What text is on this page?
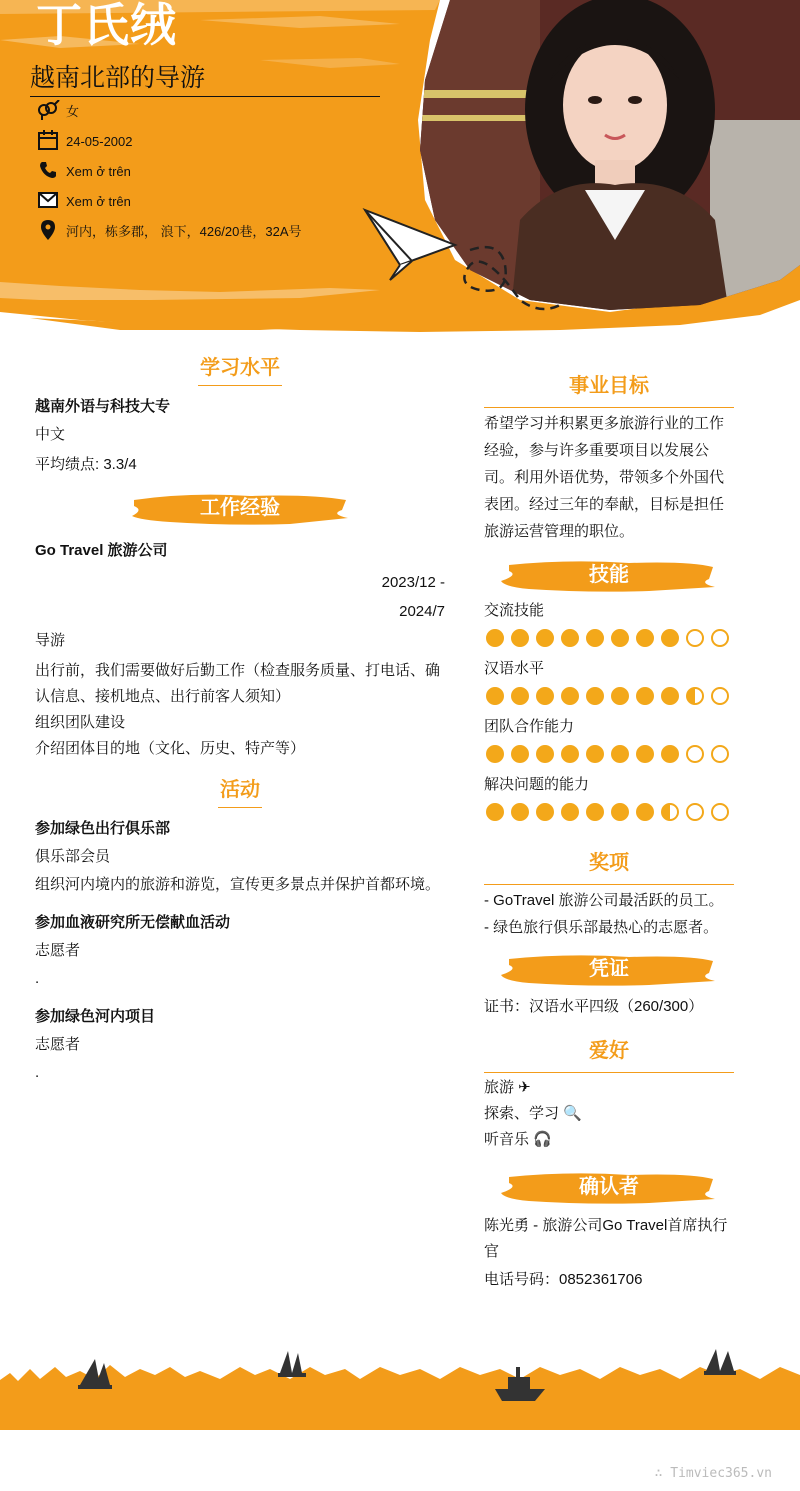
丁氏绒
越南北部的导游
女
24-05-2002
Xem ở trên
Xem ở trên
河内，栋多郡， 浪下，426/20巷，32A号
学习水平
越南外语与科技大专
中文
平均绩点: 3.3/4
工作经验
Go Travel 旅游公司
2023/12 -
2024/7
导游
出行前，我们需要做好后勤工作（检查服务质量、打电话、确认信息、接机地点、出行前客人须知）
组织团队建设
介绍团体目的地（文化、历史、特产等）
活动
参加绿色出行俱乐部
俱乐部会员
组织河内境内的旅游和游览，宣传更多景点并保护首都环境。
参加血液研究所无偿献血活动
志愿者
.
参加绿色河内项目
志愿者
.
事业目标
希望学习并积累更多旅游行业的工作经验，参与许多重要项目以发展公司。利用外语优势，带领多个外国代表团。经过三年的奉献，目标是担任旅游运营管理的职位。
技能
交流技能
汉语水平
团队合作能力
解决问题的能力
奖项
- GoTravel 旅游公司最活跃的员工。
- 绿色旅行俱乐部最热心的志愿者。
凭证
证书：汉语水平四级（260/300）
爱好
旅游 ✈
探索、学习 🔍
听音乐 🎧
确认者
陈光勇 - 旅游公司Go Travel首席执行官
电话号码：0852361706
∴ Timviec365.vn
